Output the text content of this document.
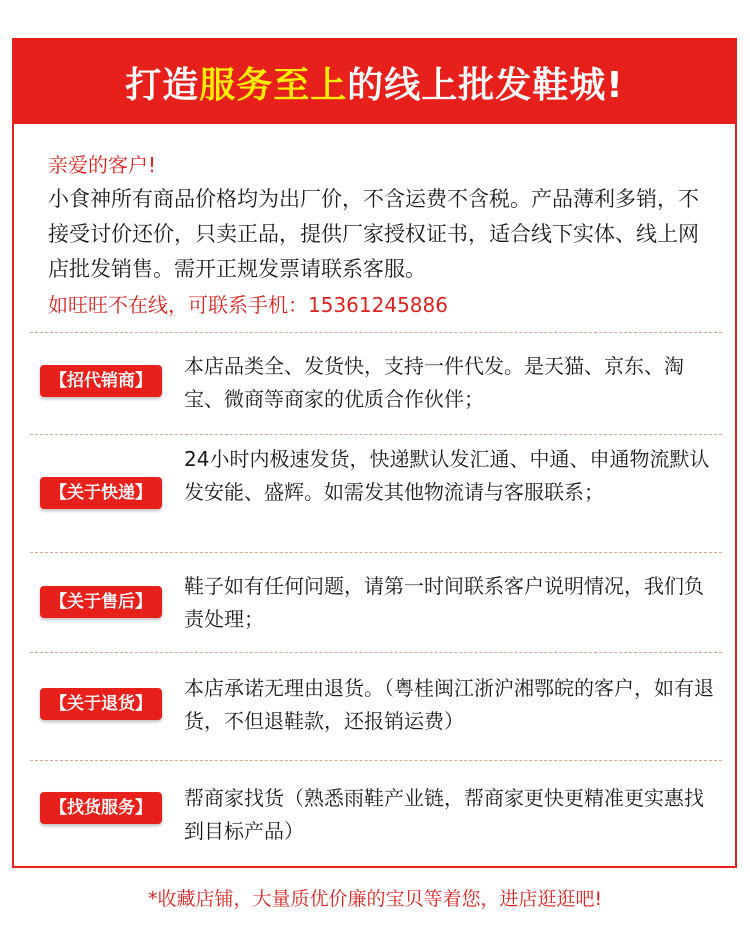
打造 服务至上 的线上批发鞋城!
亲爱的客户!
小食神所有商品价格均为出厂价，不含运费不含税。产品薄利多销，不接受讨价还价，只卖正品，提供厂家授权证书，适合线下实体、线上网店批发销售。需开正规发票请联系客服。
如旺旺不在线，可联系手机：15361245886
【招代销商】
本店品类全、发货快，支持一件代发。是天猫、京东、淘宝、微商等商家的优质合作伙伴；
【关于快递】
24小时内极速发货，快递默认发汇通、中通、申通物流默认发安能、盛辉。如需发其他物流请与客服联系；
【关于售后】
鞋子如有任何问题，请第一时间联系客户说明情况，我们负责处理；
【关于退货】
本店承诺无理由退货。（粤桂闽江浙沪湘鄂皖的客户，如有退货，不但退鞋款，还报销运费）
【找货服务】	帮商家找货（熟悉雨鞋产业链，帮商家更快更精准更实惠找到目标产品）
*收藏店铺，大量质优价廉的宝贝等着您，进店逛逛吧!
